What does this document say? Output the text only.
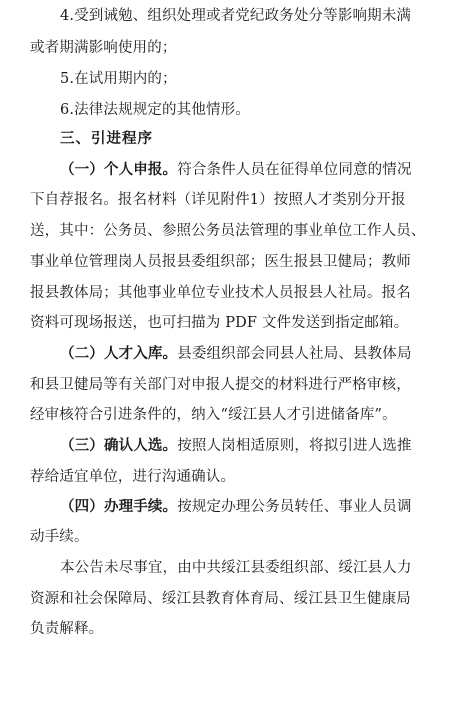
4.受到诫勉、组织处理或者党纪政务处分等影响期未满
或者期满影响使用的；
5.在试用期内的；
6.法律法规规定的其他情形。
三、引进程序
（一）个人申报。符合条件人员在征得单位同意的情况
下自荐报名。报名材料（详见附件1）按照人才类别分开报
送，其中：公务员、参照公务员法管理的事业单位工作人员、
事业单位管理岗人员报县委组织部；医生报县卫健局；教师
报县教体局；其他事业单位专业技术人员报县人社局。报名
资料可现场报送，也可扫描为 PDF 文件发送到指定邮箱。
（二）人才入库。县委组织部会同县人社局、县教体局
和县卫健局等有关部门对申报人提交的材料进行严格审核，
经审核符合引进条件的，纳入“绥江县人才引进储备库”。
（三）确认人选。按照人岗相适原则，将拟引进人选推
荐给适宜单位，进行沟通确认。
（四）办理手续。按规定办理公务员转任、事业人员调
动手续。
本公告未尽事宜，由中共绥江县委组织部、绥江县人力
资源和社会保障局、绥江县教育体育局、绥江县卫生健康局
负责解释。
